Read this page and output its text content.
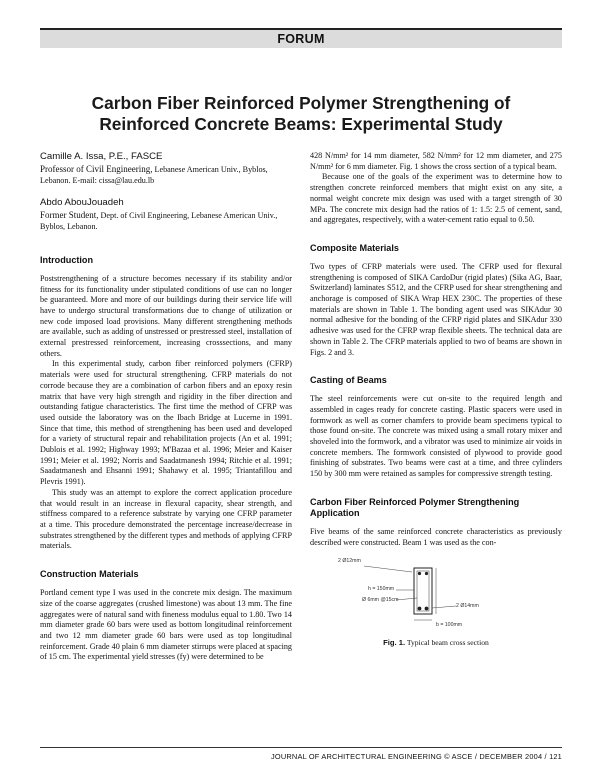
FORUM
Carbon Fiber Reinforced Polymer Strengthening of
Reinforced Concrete Beams: Experimental Study

Camille A. Issa, P.E., FASCE

Professor of Civil Engineering, Lebanese American Univ., Byblos, Lebanon. E-mail: cissa@lau.edu.lb

Abdo AbouJouadeh

Former Student, Dept. of Civil Engineering, Lebanese American Univ., Byblos, Lebanon.

Introduction

Poststrengthening of a structure becomes necessary if its stability and/or fitness for its functionality under stipulated conditions of use can no longer be guaranteed. More and more of our buildings during their service life will have to undergo structural transformations due to change of utilization or new code imposed load provisions. Many different strengthening methods are available, such as adding of unstressed or prestressed steel, installation of external prestressed reinforcement, increasing crosssections, and many others.

In this experimental study, carbon fiber reinforced polymers (CFRP) materials were used for structural strengthening. CFRP materials do not corrode because they are a combination of carbon fibers and an epoxy resin matrix that have very high strength and rigidity in the fiber direction and outstanding fatigue characteristics. The first time the method of CFRP was used outside the laboratory was on the Ibach Bridge at Lucerne in 1991. Since that time, this method of strengthening has been used and developed for a variety of structural repair and rehabilitation projects (An et al. 1991; Dublois et al. 1992; Highway 1993; M'Bazaa et al. 1996; Meier and Kaiser 1991; Meier et al. 1992; Norris and Saadatmanesh 1994; Ritchie et al. 1991; Saadatmanesh and Ehsanni 1991; Shahawy et al. 1995; Triantafillou and Plevris 1991).

This study was an attempt to explore the correct application procedure that would result in an increase in flexural capacity, shear strength, and stiffness compared to a reference substrate by varying one CFRP parameter at a time. This procedure demonstrated the percentage increase/decrease in substrates strengthened by the different types and methods of applying CFRP materials.

Construction Materials

Portland cement type I was used in the concrete mix design. The maximum size of the coarse aggregates (crushed limestone) was about 13 mm. The fine aggregates were of natural sand with fineness modulus equal to 1.80. Two 14 mm diameter grade 60 bars were used as bottom longitudinal reinforcement and two 12 mm diameter grade 60 bars were used as top longitudinal reinforcement. Grade 40 plain 6 mm diameter stirrups were placed at spacing of 15 cm. The experimental yield stresses (fy) were determined to be

428 N/mm² for 14 mm diameter, 582 N/mm² for 12 mm diameter, and 275 N/mm² for 6 mm diameter. Fig. 1 shows the cross section of a typical beam.

Because one of the goals of the experiment was to determine how to strengthen concrete reinforced members that might exist on any site, a normal weight concrete mix design was used with a target strength of 30 MPa. The concrete mix design had the ratios of 1: 1.5: 2.5 of cement, sand, and aggregates, respectively, with a water-cement ratio equal to 0.50.

Composite Materials

Two types of CFRP materials were used. The CFRP used for flexural strengthening is composed of SIKA CardoDur (rigid plates) (Sika AG, Baar, Switzerland) laminates S512, and the CFRP used for shear strengthening and anchorage is composed of SIKA Wrap HEX 230C. The properties of these materials are shown in Table 1. The bonding agent used was SIKAdur 30 normal adhesive for the bonding of the CFRP rigid plates and SIKAdur 330 adhesive was used for the CFRP wrap flexible sheets. The technical data are shown in Table 2. The CFRP materials applied to two of beams are shown in Figs. 2 and 3.

Casting of Beams

The steel reinforcements were cut on-site to the required length and assembled in cages ready for concrete casting. Plastic spacers were used in formwork as well as corner chamfers to provide beam specimens typical to those found on-site. The concrete was mixed using a small rotary mixer and shoveled into the formwork, and a vibrator was used to minimize air voids in concrete members. The formwork consisted of plywood to provide good finishing of substrates. Two beams were cast at a time, and three cylinders 150 by 300 mm were retained as samples for compressive strength testing.

Carbon Fiber Reinforced Polymer Strengthening
Application

Five beams of the same reinforced concrete characteristics as previously described were constructed. Beam 1 was used as the con-

2 Ø12mm
h = 150mm
Ø 6mm @15cm
2 Ø14mm
b = 100mm

Fig. 1. Typical beam cross section

JOURNAL OF ARCHITECTURAL ENGINEERING © ASCE / DECEMBER 2004 / 121
